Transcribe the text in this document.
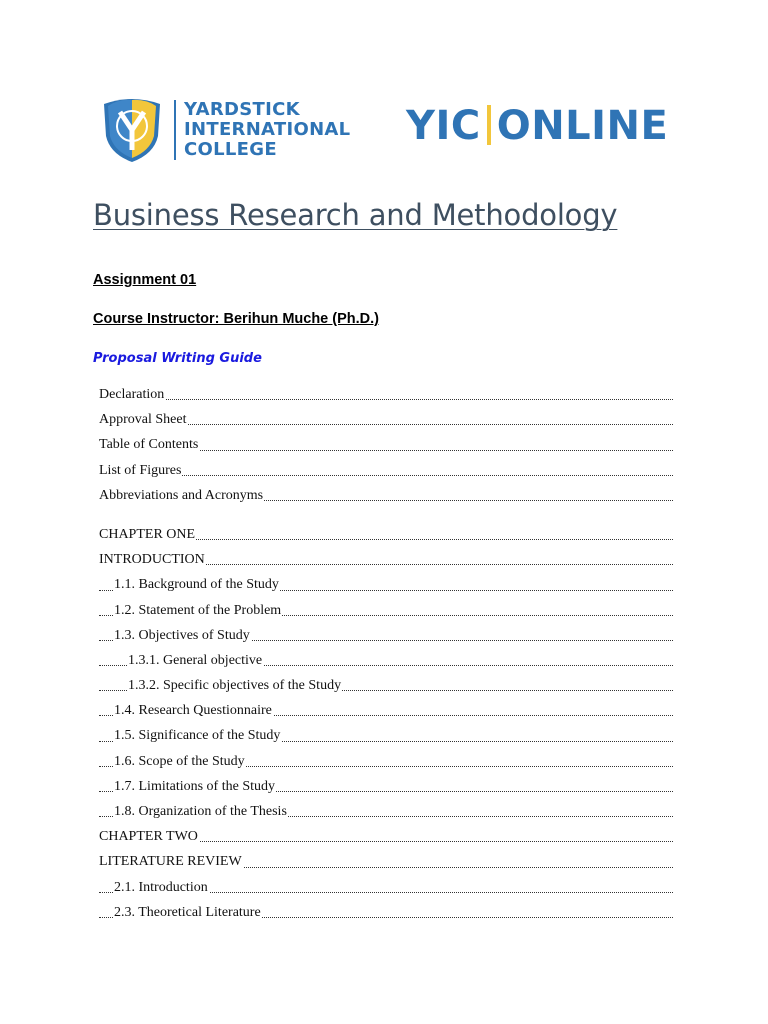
YARDSTICK
INTERNATIONAL
COLLEGE
YIC ONLINE
Business Research and Methodology
Assignment 01
Course Instructor: Berihun Muche (Ph.D.)
Proposal Writing Guide
Declaration
Approval Sheet
Table of Contents
List of Figures
Abbreviations and Acronyms
CHAPTER ONE
INTRODUCTION
1.1. Background of the Study
1.2. Statement of the Problem
1.3. Objectives of Study
1.3.1. General objective
1.3.2. Specific objectives of the Study
1.4. Research Questionnaire
1.5. Significance of the Study
1.6. Scope of the Study
1.7. Limitations of the Study
1.8. Organization of the Thesis
CHAPTER TWO
LITERATURE REVIEW
2.1. Introduction
2.3. Theoretical Literature
